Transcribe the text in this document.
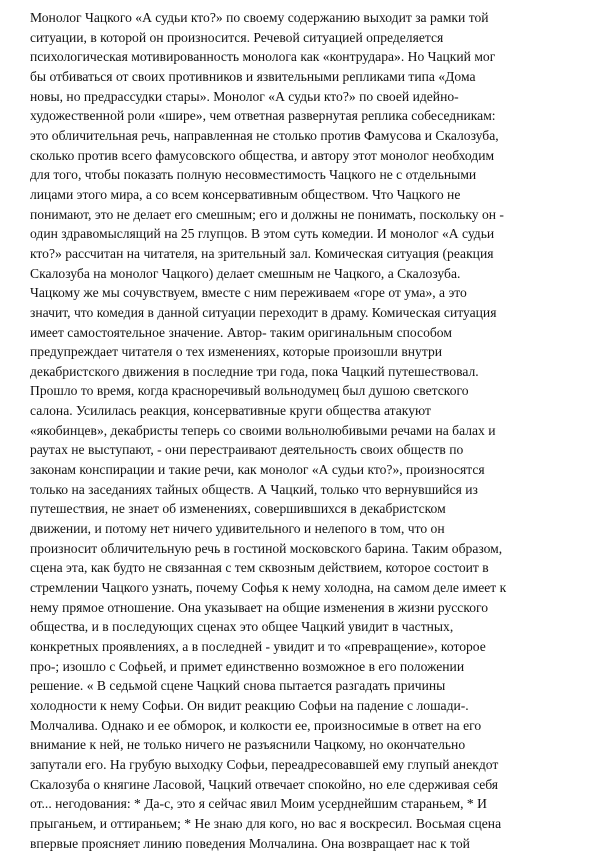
Монолог Чацкого «А судьи кто?» по своему содержанию выходит за рамки той
ситуации, в которой он произносится. Речевой ситуацией определяется
психологическая мотивированность монолога как «контрудара». Но Чацкий мог
бы отбиваться от своих противников и язвительными репликами типа «Дома
новы, но предрассудки стары». Монолог «А судьи кто?» по своей идейно-
художественной роли «шире», чем ответная развернутая реплика собеседникам:
это обличительная речь, направленная не столько против Фамусова и Скалозуба,
сколько против всего фамусовского общества, и автору этот монолог необходим
для того, чтобы показать полную несовместимость Чацкого не с отдельными
лицами этого мира, а со всем консервативным обществом. Что Чацкого не
понимают, это не делает его смешным; его и должны не понимать, поскольку он -
один здравомыслящий на 25 глупцов. В этом суть комедии. И монолог «А судьи
кто?» рассчитан на читателя, на зрительный зал. Комическая ситуация (реакция
Скалозуба на монолог Чацкого) делает смешным не Чацкого, а Скалозуба.
Чацкому же мы сочувствуем, вместе с ним переживаем «горе от ума», а это
значит, что комедия в данной ситуации переходит в драму. Комическая ситуация
имеет самостоятельное значение. Автор- таким оригинальным способом
предупреждает читателя о тех изменениях, которые произошли внутри
декабристского движения в последние три года, пока Чацкий путешествовал.
Прошло то время, когда красноречивый вольнодумец был душою светского
салона. Усилилась реакция, консервативные круги общества атакуют
«якобинцев», декабристы теперь со своими вольнолюбивыми речами на балах и
раутах не выступают, - они перестраивают деятельность своих обществ по
законам конспирации и такие речи, как монолог «А судьи кто?», произносятся
только на заседаниях тайных обществ. А Чацкий, только что вернувшийся из
путешествия, не знает об изменениях, совершившихся в декабристском
движении, и потому нет ничего удивительного и нелепого в том, что он
произносит обличительную речь в гостиной московского барина. Таким образом,
сцена эта, как будто не связанная с тем сквозным действием, которое состоит в
стремлении Чацкого узнать, почему Софья к нему холодна, на самом деле имеет к
нему прямое отношение. Она указывает на общие изменения в жизни русского
общества, и в последующих сценах это общее Чацкий увидит в частных,
конкретных проявлениях, а в последней - увидит и то «превращение», которое
про-; изошло с Софьей, и примет единственно возможное в его положении
решение. « В седьмой сцене Чацкий снова пытается разгадать причины
холодности к нему Софьи. Он видит реакцию Софьи на падение с лошади-.
Молчалива. Однако и ее обморок, и колкости ее, произносимые в ответ на его
внимание к ней, не только ничего не разъяснили Чацкому, но окончательно
запутали его. На грубую выходку Софьи, переадресовавшей ему глупый анекдот
Скалозуба о княгине Ласовой, Чацкий отвечает спокойно, но еле сдерживая себя
от... негодования: * Да-с, это я сейчас явил Моим усерднейшим стараньем, * И
прыганьем, и оттираньем; * Не знаю для кого, но вас я воскресил. Восьмая сцена
впервые проясняет линию поведения Молчалина. Она возвращает нас к той
